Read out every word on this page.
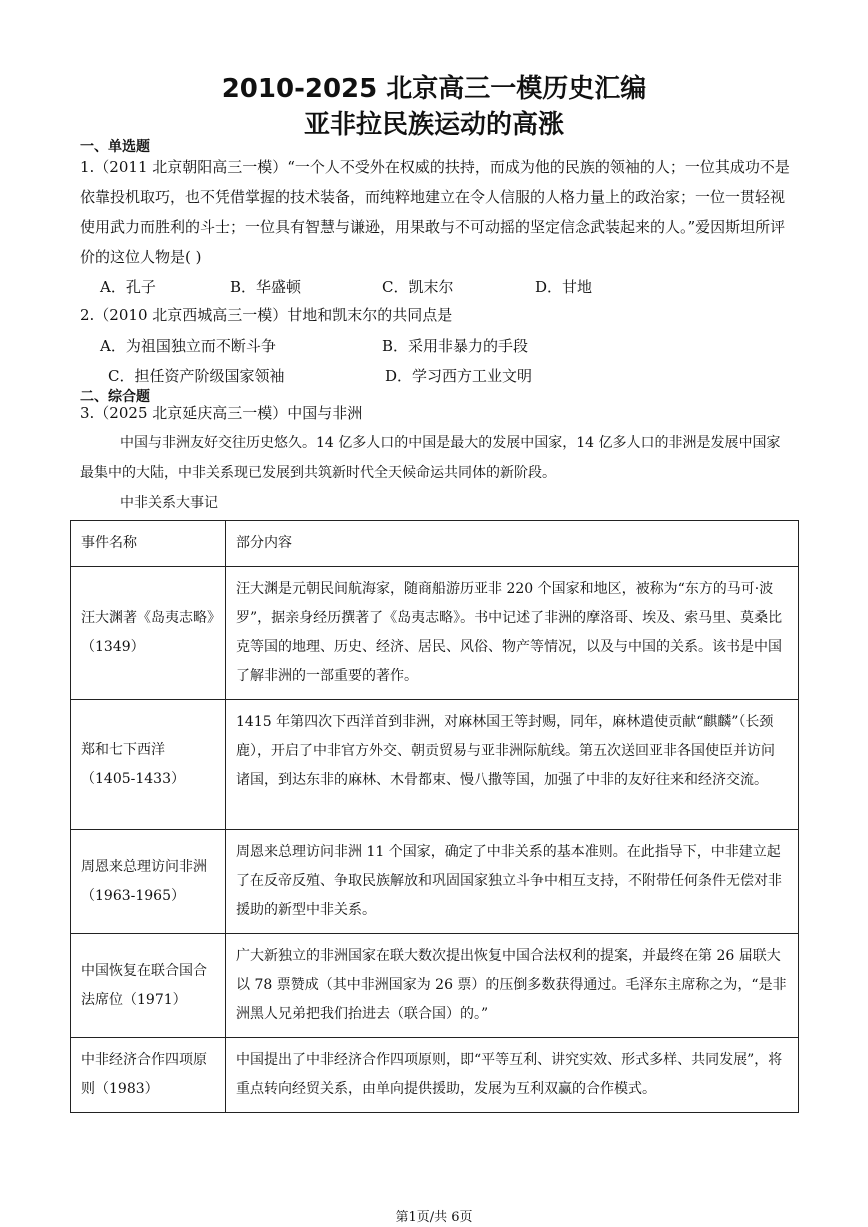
2010-2025 北京高三一模历史汇编
亚非拉民族运动的高涨
一、单选题
1.（2011 北京朝阳高三一模）“一个人不受外在权威的扶持，而成为他的民族的领袖的人；一位其成功不是依靠投机取巧，也不凭借掌握的技术装备，而纯粹地建立在令人信服的人格力量上的政治家；一位一贯轻视使用武力而胜利的斗士；一位具有智慧与谦逊，用果敢与不可动摇的坚定信念武装起来的人。”爱因斯坦所评价的这位人物是( )
A．孔子	B．华盛顿	C．凯末尔	D．甘地
2.（2010 北京西城高三一模）甘地和凯末尔的共同点是
A．为祖国独立而不断斗争	B．采用非暴力的手段
C．担任资产阶级国家领袖	D．学习西方工业文明
二、综合题
3.（2025 北京延庆高三一模）中国与非洲
中国与非洲友好交往历史悠久。14 亿多人口的中国是最大的发展中国家，14 亿多人口的非洲是发展中国家最集中的大陆，中非关系现已发展到共筑新时代全天候命运共同体的新阶段。
中非关系大事记
事件名称	部分内容

汪大渊著《岛夷志略》
（1349）	汪大渊是元朝民间航海家，随商船游历亚非 220 个国家和地区，被称为“东方的马可·波罗”，据亲身经历撰著了《岛夷志略》。书中记述了非洲的摩洛哥、埃及、索马里、莫桑比克等国的地理、历史、经济、居民、风俗、物产等情况，以及与中国的关系。该书是中国了解非洲的一部重要的著作。

郑和七下西洋
（1405-1433）	1415 年第四次下西洋首到非洲，对麻林国王等封赐，同年，麻林遣使贡献“麒麟”（长颈鹿），开启了中非官方外交、朝贡贸易与亚非洲际航线。第五次送回亚非各国使臣并访问诸国，到达东非的麻林、木骨都束、慢八撒等国，加强了中非的友好往来和经济交流。

周恩来总理访问非洲
（1963-1965）	周恩来总理访问非洲 11 个国家，确定了中非关系的基本准则。在此指导下，中非建立起了在反帝反殖、争取民族解放和巩固国家独立斗争中相互支持，不附带任何条件无偿对非援助的新型中非关系。

中国恢复在联合国合法席位（1971）	广大新独立的非洲国家在联大数次提出恢复中国合法权利的提案，并最终在第 26 届联大以 78 票赞成（其中非洲国家为 26 票）的压倒多数获得通过。毛泽东主席称之为，“是非洲黑人兄弟把我们抬进去（联合国）的。”

中非经济合作四项原则（1983）	中国提出了中非经济合作四项原则，即“平等互利、讲究实效、形式多样、共同发展”，将重点转向经贸关系，由单向提供援助，发展为互利双赢的合作模式。
第1页/共 6页
